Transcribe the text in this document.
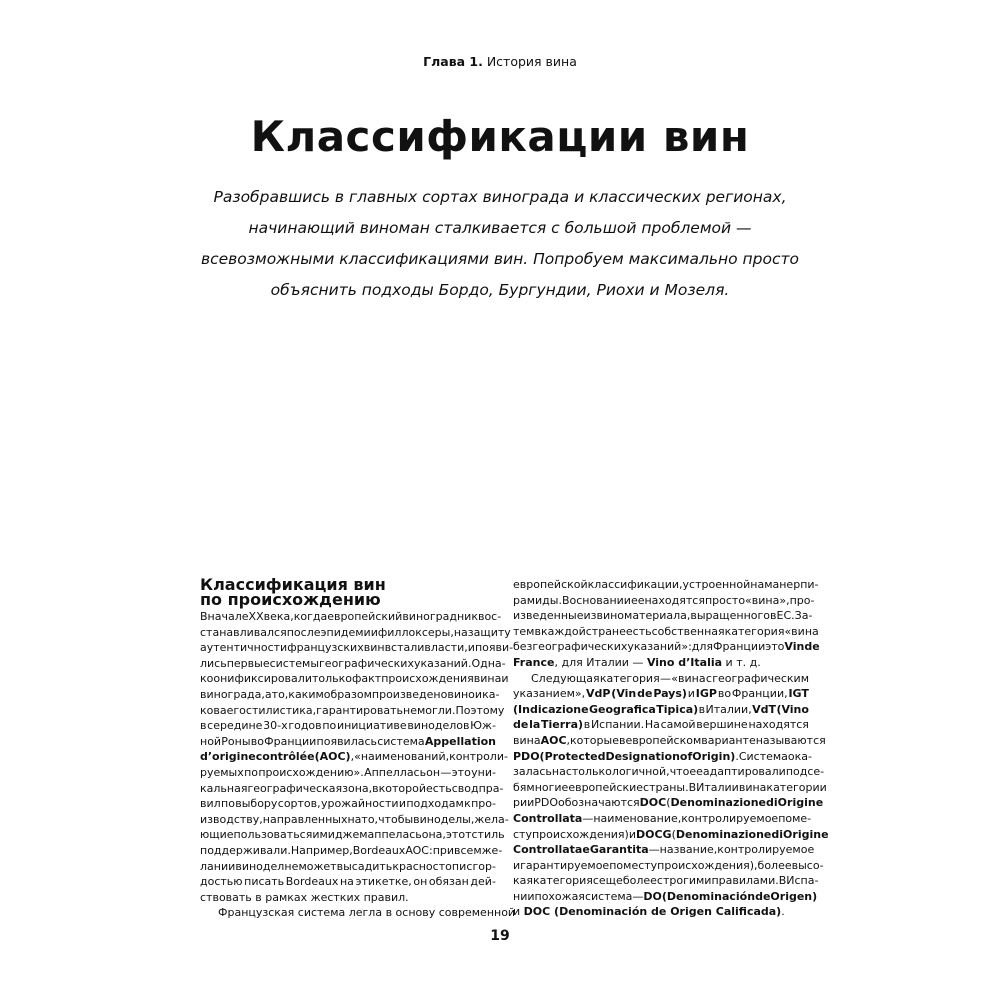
Глава 1. История вина
Классификации вин
Разобравшись в главных сортах винограда и классических регионах,
начинающий виноман сталкивается с большой проблемой —
всевозможными классификациями вин. Попробуем максимально просто
объяснить подходы Бордо, Бургундии, Риохи и Мозеля.
Классификация вин
по происхождению
В начале XX века, когда европейский виноградник вос-
станавливался после эпидемии филлоксеры, на защиту
аутентичности французских вин встали власти, и появи-
лись первые системы географических указаний. Одна-
ко они фиксировали только факт происхождения вина и
винограда, а то, каким образом произведено вино и ка-
кова его стилистика, гарантировать не могли. Поэтому
в середине 30-х годов по инициативе виноделов Юж-
ной Роны во Франции появилась система Appellation
d’origine contrôlée (AOC), «наименований, контроли-
руемых по происхождению». Аппелласьон — это уни-
кальная географическая зона, в которой есть свод пра-
вил по выбору сортов, урожайности и подходам к про-
изводству, направленных на то, чтобы виноделы, жела-
ющие пользоваться имиджем аппеласьона, этот стиль
поддерживали. Например, Bordeaux AOC: при всем же-
лании винодел не может высадить красностоп и с гор-
достью писать Bordeaux на этикетке, он обязан дей-
ствовать в рамках жестких правил.
Французская система легла в основу современной
европейской классификации, устроенной на манер пи-
рамиды. В основании ее находятся просто «вина», про-
изведенные из виноматериала, выращенного в ЕС. За-
тем в каждой стране есть собственная категория «вина
без географических указаний»: для Франции это Vin de
France, для Италии — Vino d’Italia и т. д.
Следующая категория — «вина с географическим
указанием», VdP (Vin de Pays) и IGP во Франции, IGT
(Indicazione Geografica Tipica) в Италии, VdT (Vino
de la Tierra) в Испании. На самой вершине находятся
вина AOC, которые в европейском варианте называются
PDO (Protected Designation of Origin). Система ока-
залась настолько логичной, что ее адаптировали под се-
бя многие европейские страны. В Италии вина категории
рии PDO обозначаются DOC (Denominazione di Origine
Controllata — наименование, контролируемое по ме-
сту происхождения) и DOCG (Denominazione di Origine
Controllata e Garantita — название, контролируемое
и гарантируемое по месту происхождения), более высо-
кая категория с еще более строгими правилами. В Испа-
нии похожая система — DO (Denominación de Origen)
и DOC (Denominación de Origen Calificada).
19
